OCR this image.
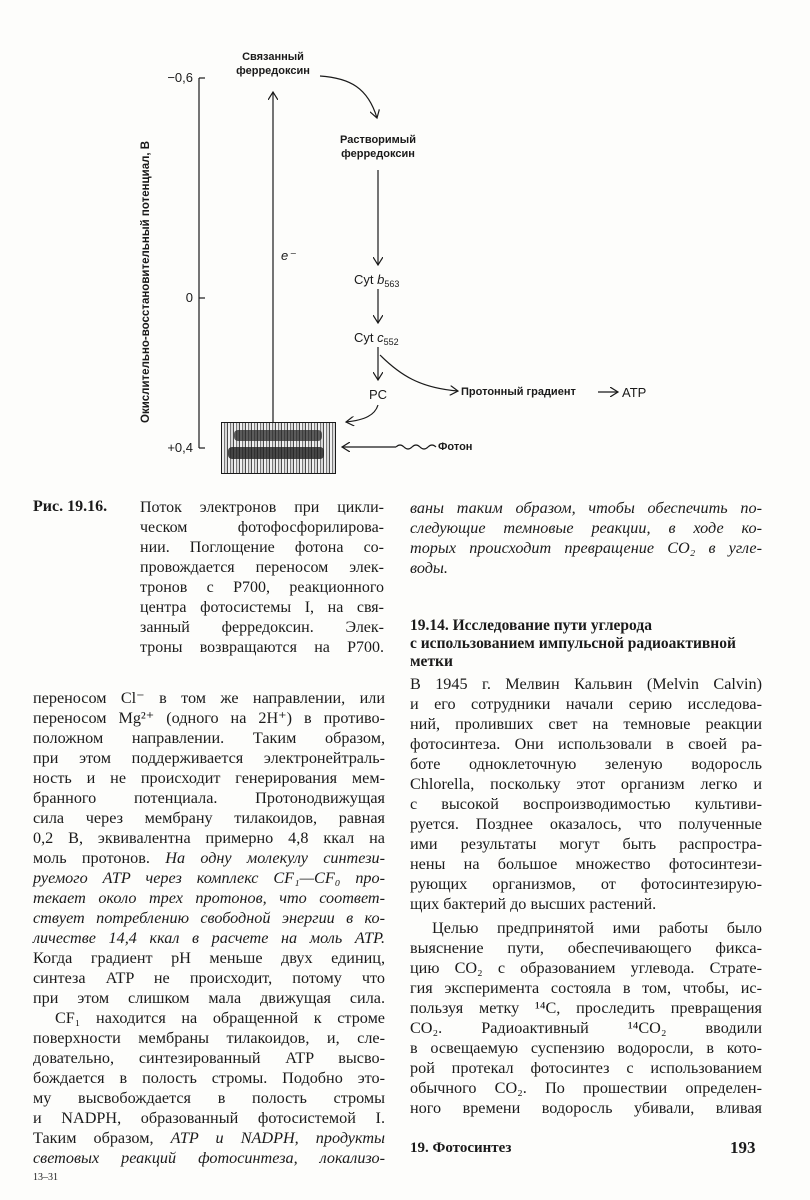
Окислительно-восстановительный потенциал, В
−0,6
0
+0,4
Связанный
ферредоксин
Растворимый
ферредоксин
Cyt $b_{563}$
Cyt $c_{552}$
PC
e⁻
Протонный градиент	ATP
Фотон
Рис. 19.16. Поток электронов при цикли-
ческом фотофосфорилирова-
нии. Поглощение фотона со-
провождается переносом элек-
тронов с P700, реакционного
центра фотосистемы I, на свя-
занный ферредоксин. Элек-
троны возвращаются на P700.
переносом Cl⁻ в том же направлении, или
переносом Mg²⁺ (одного на 2H⁺) в противо-
положном направлении. Таким образом,
при этом поддерживается электронейтраль-
ность и не происходит генерирования мем-
бранного потенциала. Протонодвижущая
сила через мембрану тилакоидов, равная
0,2 В, эквивалентна примерно 4,8 ккал на
моль протонов. На одну молекулу синтези-
руемого ATP через комплекс CF₁—CF₀ про-
текает около трех протонов, что соответ-
ствует потреблению свободной энергии в ко-
личестве 14,4 ккал в расчете на моль ATP.
Когда градиент pH меньше двух единиц,
синтеза ATP не происходит, потому что
при этом слишком мала движущая сила.
CF₁ находится на обращенной к строме
поверхности мембраны тилакоидов, и, сле-
довательно, синтезированный ATP высво-
бождается в полость стромы. Подобно это-
му высвобождается в полость стромы
и NADPH, образованный фотосистемой I.
Таким образом, ATP и NADPH, продукты
световых реакций фотосинтеза, локализо-
ваны таким образом, чтобы обеспечить по-
следующие темновые реакции, в ходе ко-
торых происходит превращение CO₂ в угле-
воды.

19.14. Исследование пути углерода

с использованием импульсной радиоактивной

метки

В 1945 г. Мелвин Кальвин (Melvin Calvin)
и его сотрудники начали серию исследова-
ний, проливших свет на темновые реакции
фотосинтеза. Они использовали в своей ра-
боте одноклеточную зеленую водоросль
Chlorella, поскольку этот организм легко и
с высокой воспроизводимостью культиви-
руется. Позднее оказалось, что полученные
ими результаты могут быть распростра-
нены на большое множество фотосинтези-
рующих организмов, от фотосинтезирую-
щих бактерий до высших растений.
Целью предпринятой ими работы было
выяснение пути, обеспечивающего фикса-
цию CO₂ с образованием углевода. Страте-
гия эксперимента состояла в том, чтобы, ис-
пользуя метку ¹⁴C, проследить превращения
CO₂. Радиоактивный ¹⁴CO₂ вводили
в освещаемую суспензию водоросли, в кото-
рой протекал фотосинтез с использованием
обычного CO₂. По прошествии определен-
ного времени водоросль убивали, вливая
19. Фотосинтез	193
13–31
